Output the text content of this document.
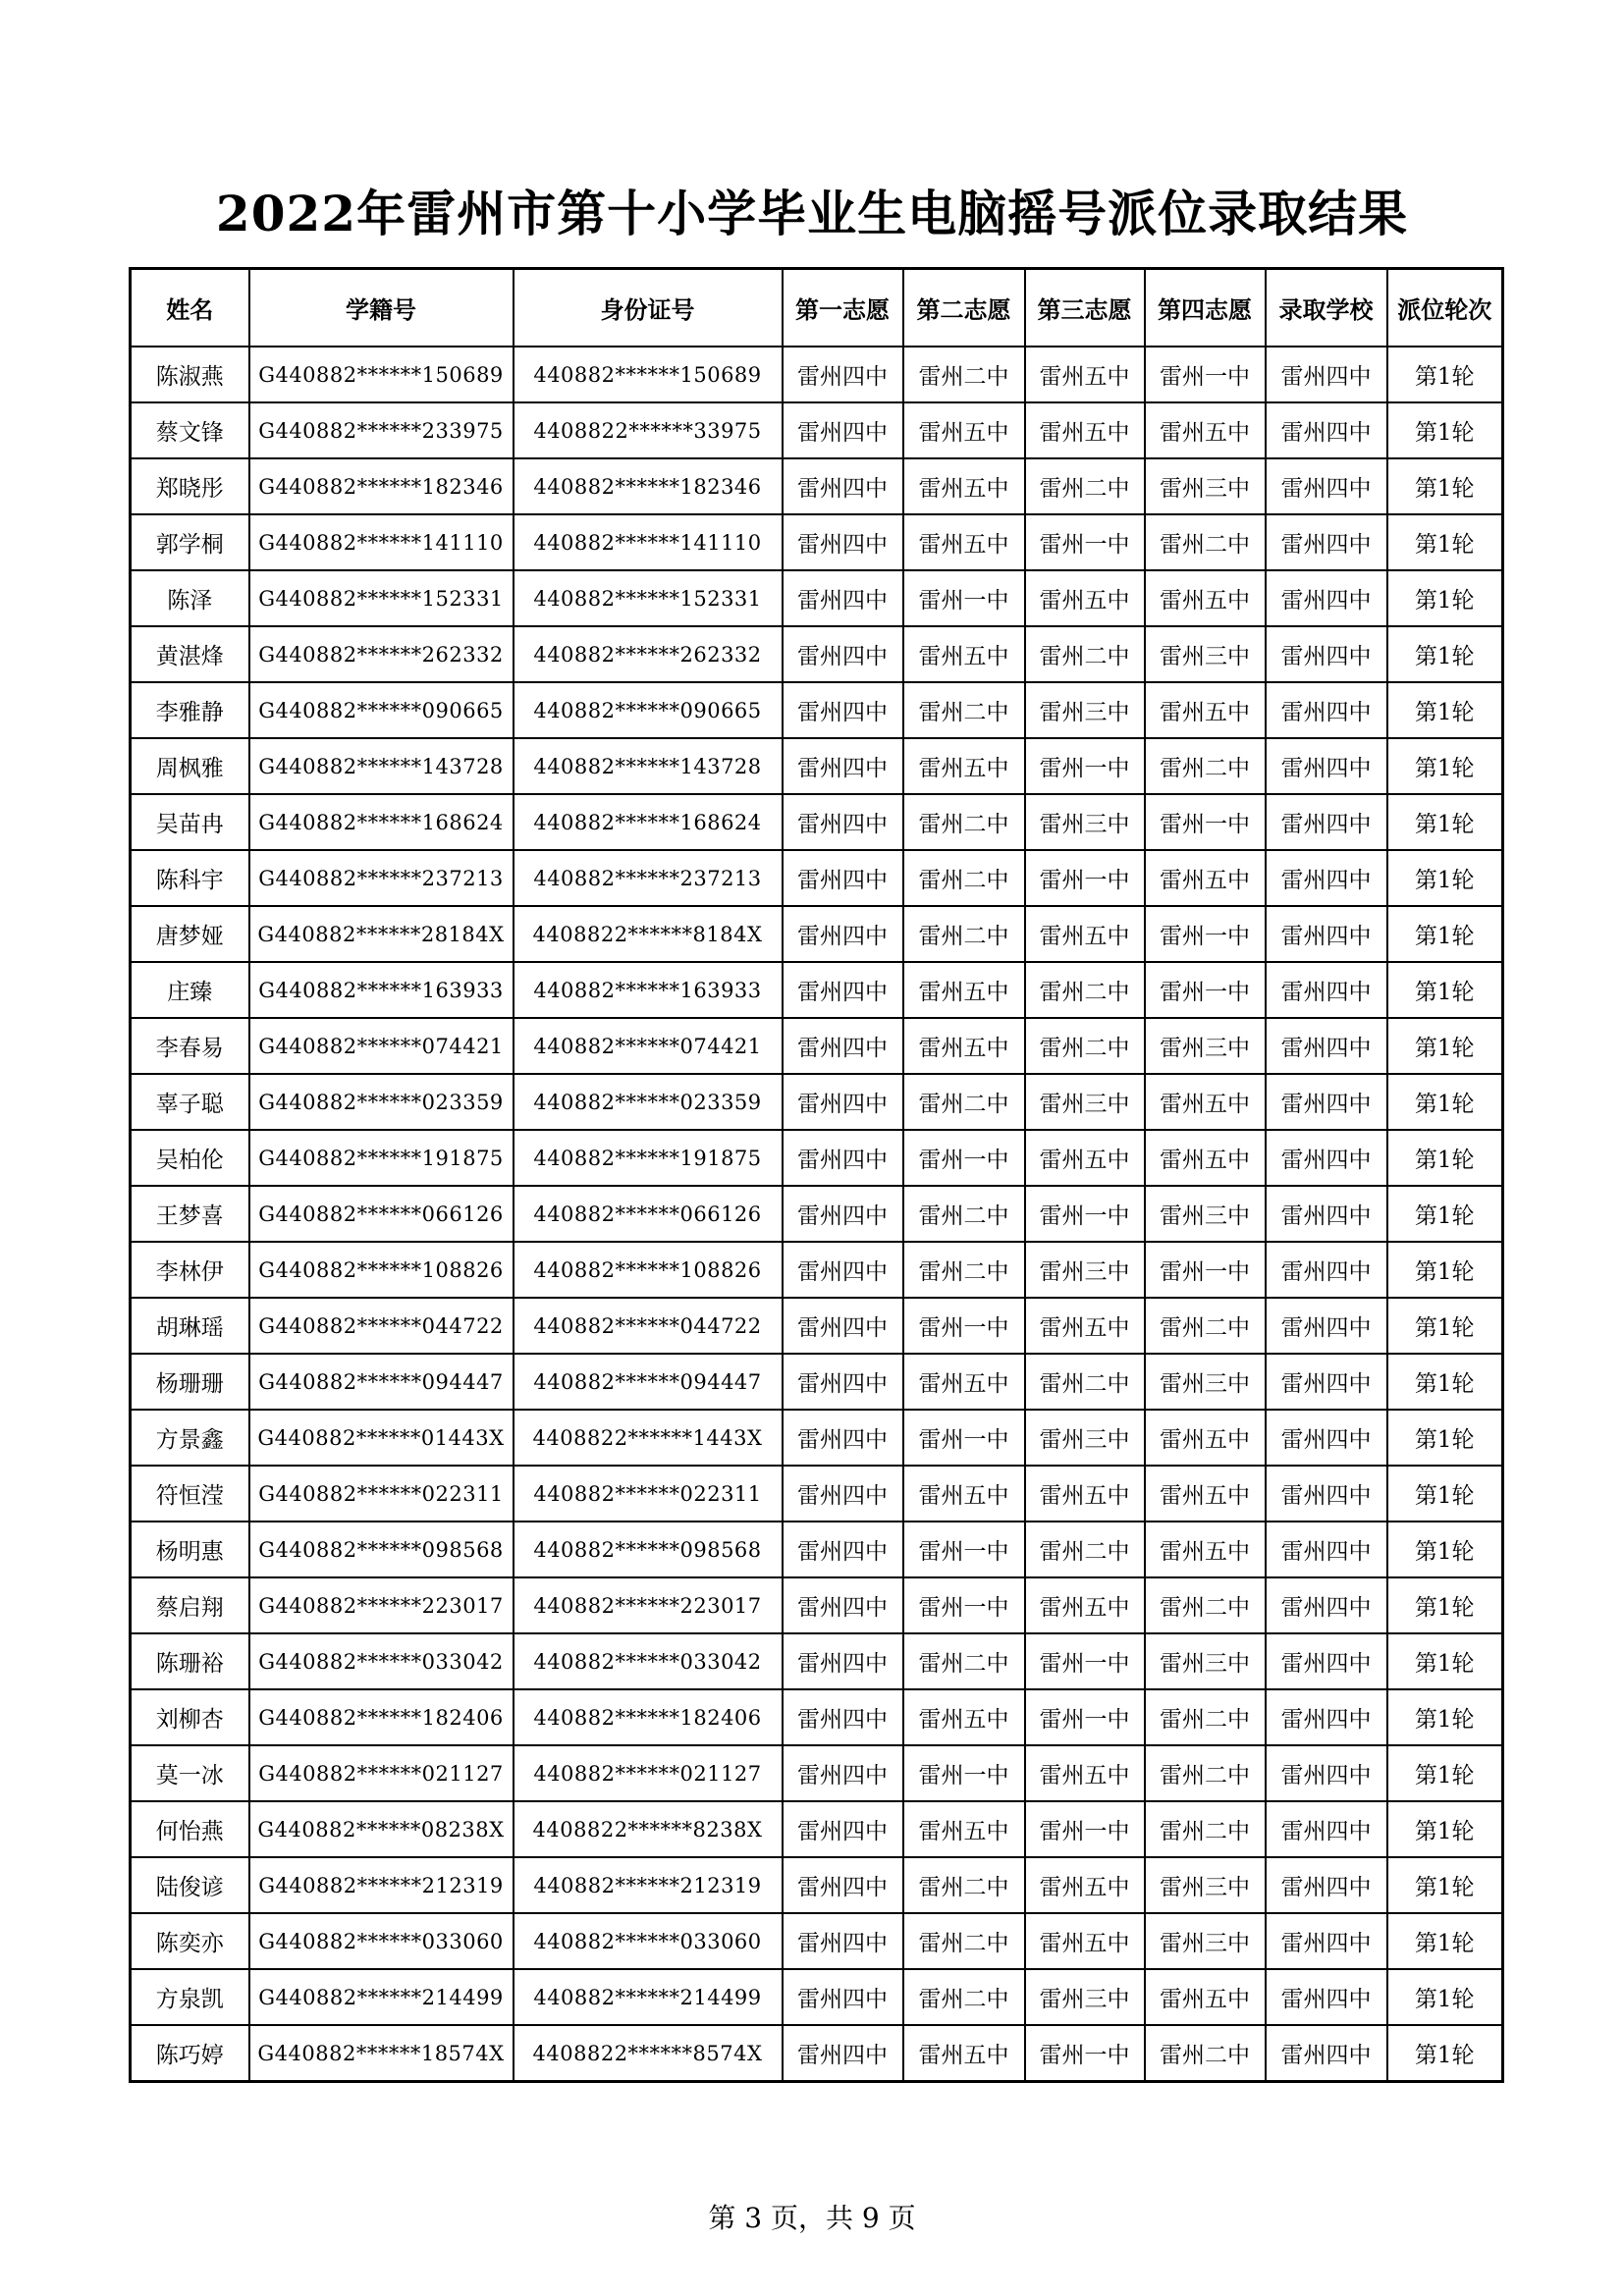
2022年雷州市第十小学毕业生电脑摇号派位录取结果
姓名	学籍号	身份证号	第一志愿	第二志愿	第三志愿	第四志愿	录取学校	派位轮次
陈淑燕	G440882******150689	440882******150689	雷州四中	雷州二中	雷州五中	雷州一中	雷州四中	第1轮
蔡文锋	G440882******233975	4408822******33975	雷州四中	雷州五中	雷州五中	雷州五中	雷州四中	第1轮
郑晓彤	G440882******182346	440882******182346	雷州四中	雷州五中	雷州二中	雷州三中	雷州四中	第1轮
郭学桐	G440882******141110	440882******141110	雷州四中	雷州五中	雷州一中	雷州二中	雷州四中	第1轮
陈泽	G440882******152331	440882******152331	雷州四中	雷州一中	雷州五中	雷州五中	雷州四中	第1轮
黄湛烽	G440882******262332	440882******262332	雷州四中	雷州五中	雷州二中	雷州三中	雷州四中	第1轮
李雅静	G440882******090665	440882******090665	雷州四中	雷州二中	雷州三中	雷州五中	雷州四中	第1轮
周枫雅	G440882******143728	440882******143728	雷州四中	雷州五中	雷州一中	雷州二中	雷州四中	第1轮
吴苗冉	G440882******168624	440882******168624	雷州四中	雷州二中	雷州三中	雷州一中	雷州四中	第1轮
陈科宇	G440882******237213	440882******237213	雷州四中	雷州二中	雷州一中	雷州五中	雷州四中	第1轮
唐梦娅	G440882******28184X	4408822******8184X	雷州四中	雷州二中	雷州五中	雷州一中	雷州四中	第1轮
庄臻	G440882******163933	440882******163933	雷州四中	雷州五中	雷州二中	雷州一中	雷州四中	第1轮
李春易	G440882******074421	440882******074421	雷州四中	雷州五中	雷州二中	雷州三中	雷州四中	第1轮
辜子聪	G440882******023359	440882******023359	雷州四中	雷州二中	雷州三中	雷州五中	雷州四中	第1轮
吴柏伦	G440882******191875	440882******191875	雷州四中	雷州一中	雷州五中	雷州五中	雷州四中	第1轮
王梦喜	G440882******066126	440882******066126	雷州四中	雷州二中	雷州一中	雷州三中	雷州四中	第1轮
李林伊	G440882******108826	440882******108826	雷州四中	雷州二中	雷州三中	雷州一中	雷州四中	第1轮
胡琳瑶	G440882******044722	440882******044722	雷州四中	雷州一中	雷州五中	雷州二中	雷州四中	第1轮
杨珊珊	G440882******094447	440882******094447	雷州四中	雷州五中	雷州二中	雷州三中	雷州四中	第1轮
方景鑫	G440882******01443X	4408822******1443X	雷州四中	雷州一中	雷州三中	雷州五中	雷州四中	第1轮
符恒滢	G440882******022311	440882******022311	雷州四中	雷州五中	雷州五中	雷州五中	雷州四中	第1轮
杨明惠	G440882******098568	440882******098568	雷州四中	雷州一中	雷州二中	雷州五中	雷州四中	第1轮
蔡启翔	G440882******223017	440882******223017	雷州四中	雷州一中	雷州五中	雷州二中	雷州四中	第1轮
陈珊裕	G440882******033042	440882******033042	雷州四中	雷州二中	雷州一中	雷州三中	雷州四中	第1轮
刘柳杏	G440882******182406	440882******182406	雷州四中	雷州五中	雷州一中	雷州二中	雷州四中	第1轮
莫一冰	G440882******021127	440882******021127	雷州四中	雷州一中	雷州五中	雷州二中	雷州四中	第1轮
何怡燕	G440882******08238X	4408822******8238X	雷州四中	雷州五中	雷州一中	雷州二中	雷州四中	第1轮
陆俊谚	G440882******212319	440882******212319	雷州四中	雷州二中	雷州五中	雷州三中	雷州四中	第1轮
陈奕亦	G440882******033060	440882******033060	雷州四中	雷州二中	雷州五中	雷州三中	雷州四中	第1轮
方泉凯	G440882******214499	440882******214499	雷州四中	雷州二中	雷州三中	雷州五中	雷州四中	第1轮
陈巧婷	G440882******18574X	4408822******8574X	雷州四中	雷州五中	雷州一中	雷州二中	雷州四中	第1轮
第 3 页，共 9 页
